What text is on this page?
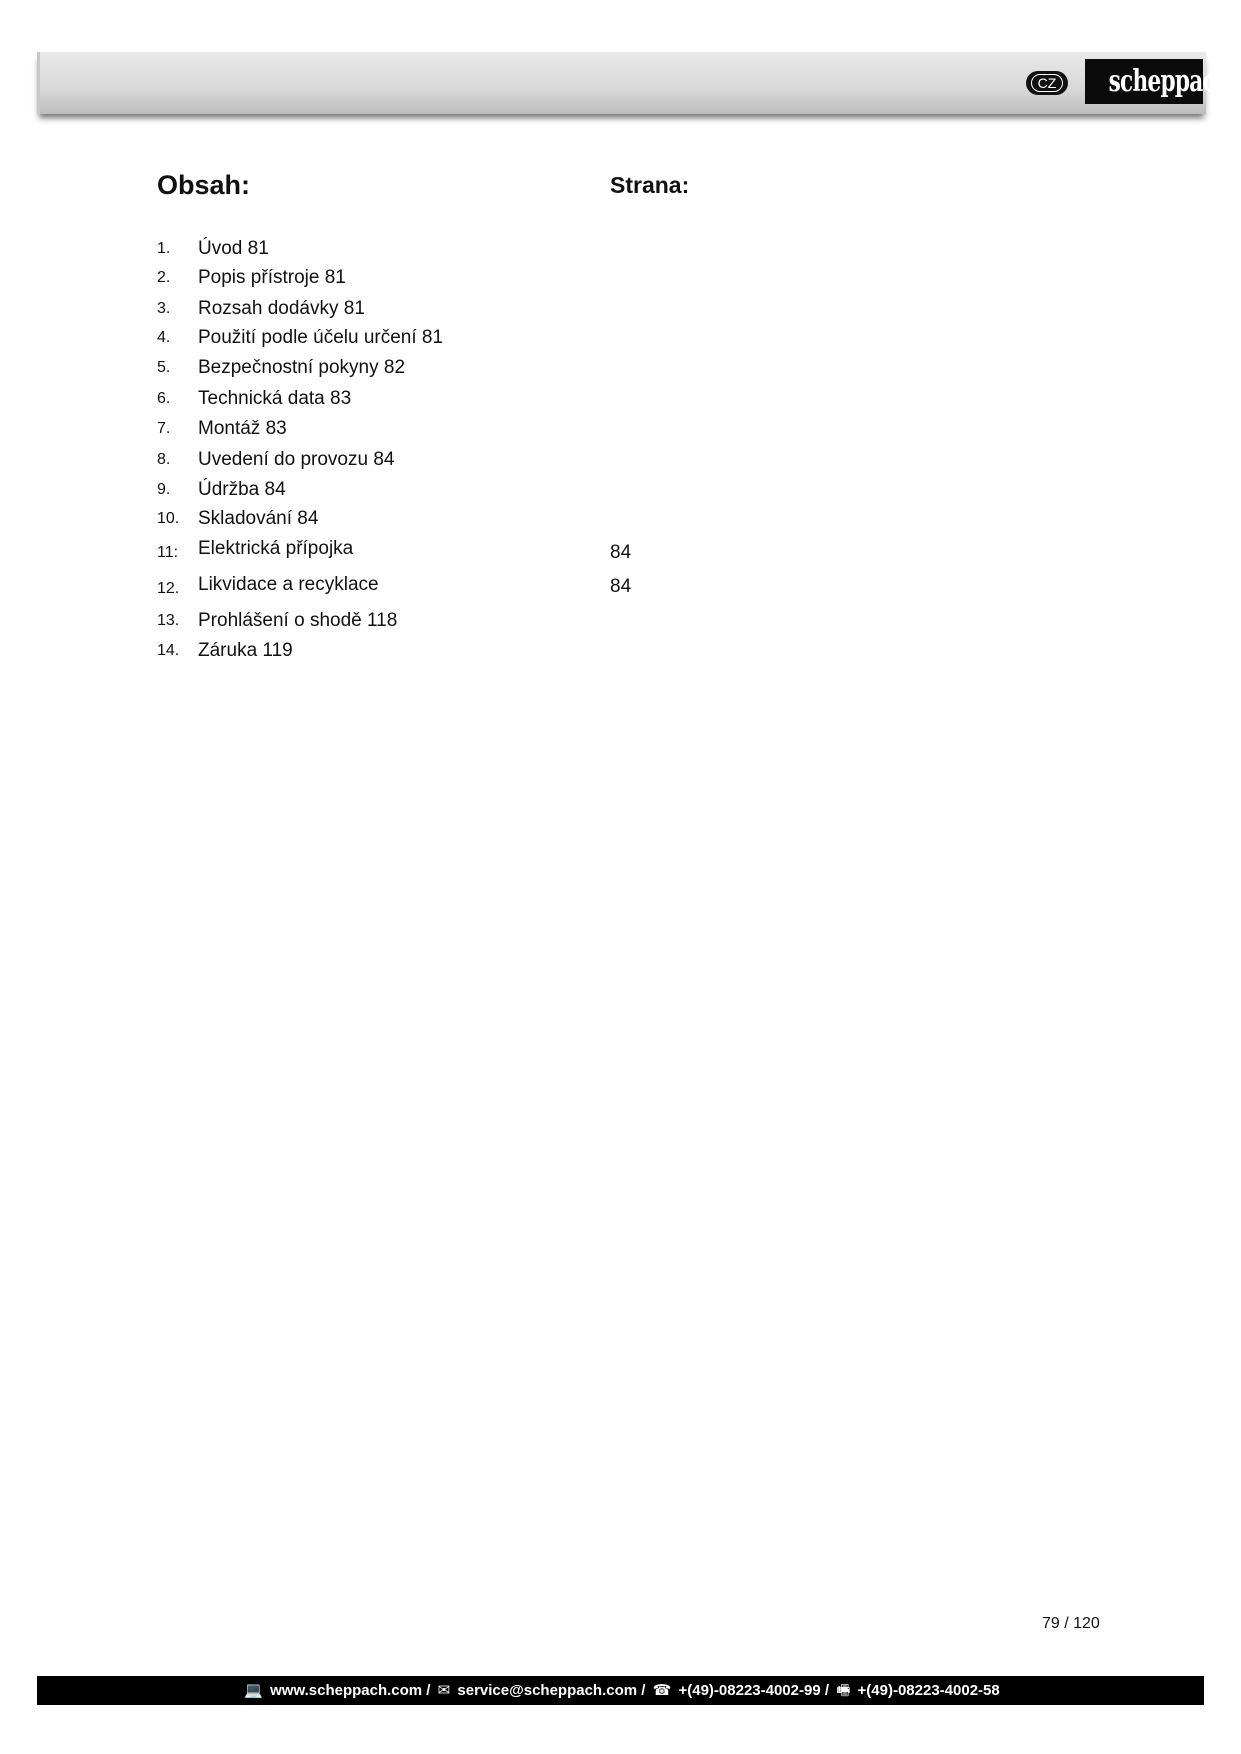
CZ	scheppach
Obsah:	Strana:
1. Úvod 81
2. Popis přístroje 81
3. Rozsah dodávky 81
4. Použití podle účelu určení 81
5. Bezpečnostní pokyny 82
6. Technická data 83
7. Montáž 83
8. Uvedení do provozu 84
9. Údržba 84
10. Skladování 84
11: Elektrická přípojka	84
12. Likvidace a recyklace	84
13. Prohlášení o shodě 118
14. Záruka 119
79 / 120
💻 www.scheppach.com / ✉ service@scheppach.com / ☎ +(49)-08223-4002-99 / 🖷 +(49)-08223-4002-58
